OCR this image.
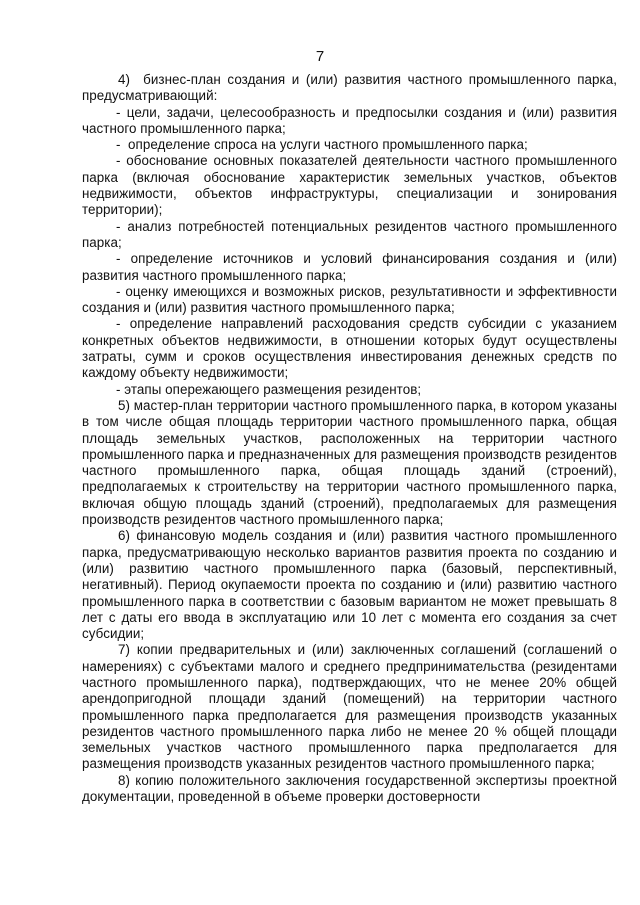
7

4)  бизнес-план создания и (или) развития частного промышленного парка, предусматривающий:

- цели, задачи, целесообразность и предпосылки создания и (или) развития частного промышленного парка;

-  определение спроса на услуги частного промышленного парка;

- обоснование основных показателей деятельности частного промышленного парка (включая обоснование характеристик земельных участков, объектов недвижимости, объектов инфраструктуры, специализации и зонирования территории);

- анализ потребностей потенциальных резидентов частного промышленного парка;

- определение источников и условий финансирования создания и (или) развития частного промышленного парка;

- оценку имеющихся и возможных рисков, результативности и эффективности создания и (или) развития частного промышленного парка;

- определение направлений расходования средств субсидии с указанием конкретных объектов недвижимости, в отношении которых будут осуществлены затраты, сумм и сроков осуществления инвестирования денежных средств по каждому объекту недвижимости;

- этапы опережающего размещения резидентов;

5) мастер-план территории частного промышленного парка, в котором указаны в том числе общая площадь территории частного промышленного парка, общая площадь земельных участков, расположенных на территории частного промышленного парка и предназначенных для размещения производств резидентов частного промышленного парка, общая площадь зданий (строений), предполагаемых к строительству на территории частного промышленного парка, включая общую площадь зданий (строений), предполагаемых для размещения производств резидентов частного промышленного парка;

6) финансовую модель создания и (или) развития частного промышленного парка, предусматривающую несколько вариантов развития проекта по созданию и (или) развитию частного промышленного парка (базовый, перспективный, негативный). Период окупаемости проекта по созданию и (или) развитию частного промышленного парка в соответствии с базовым вариантом не может превышать 8 лет с даты его ввода в эксплуатацию или 10 лет с момента его создания за счет субсидии;

7) копии предварительных и (или) заключенных соглашений (соглашений о намерениях) с субъектами малого и среднего предпринимательства (резидентами частного промышленного парка), подтверждающих, что не менее 20% общей арендопригодной площади зданий (помещений) на территории частного промышленного парка предполагается для размещения производств указанных резидентов частного промышленного парка либо не менее 20 % общей площади земельных участков частного промышленного парка предполагается для размещения производств указанных резидентов частного промышленного парка;

8) копию положительного заключения государственной экспертизы проектной документации, проведенной в объеме проверки достоверности
